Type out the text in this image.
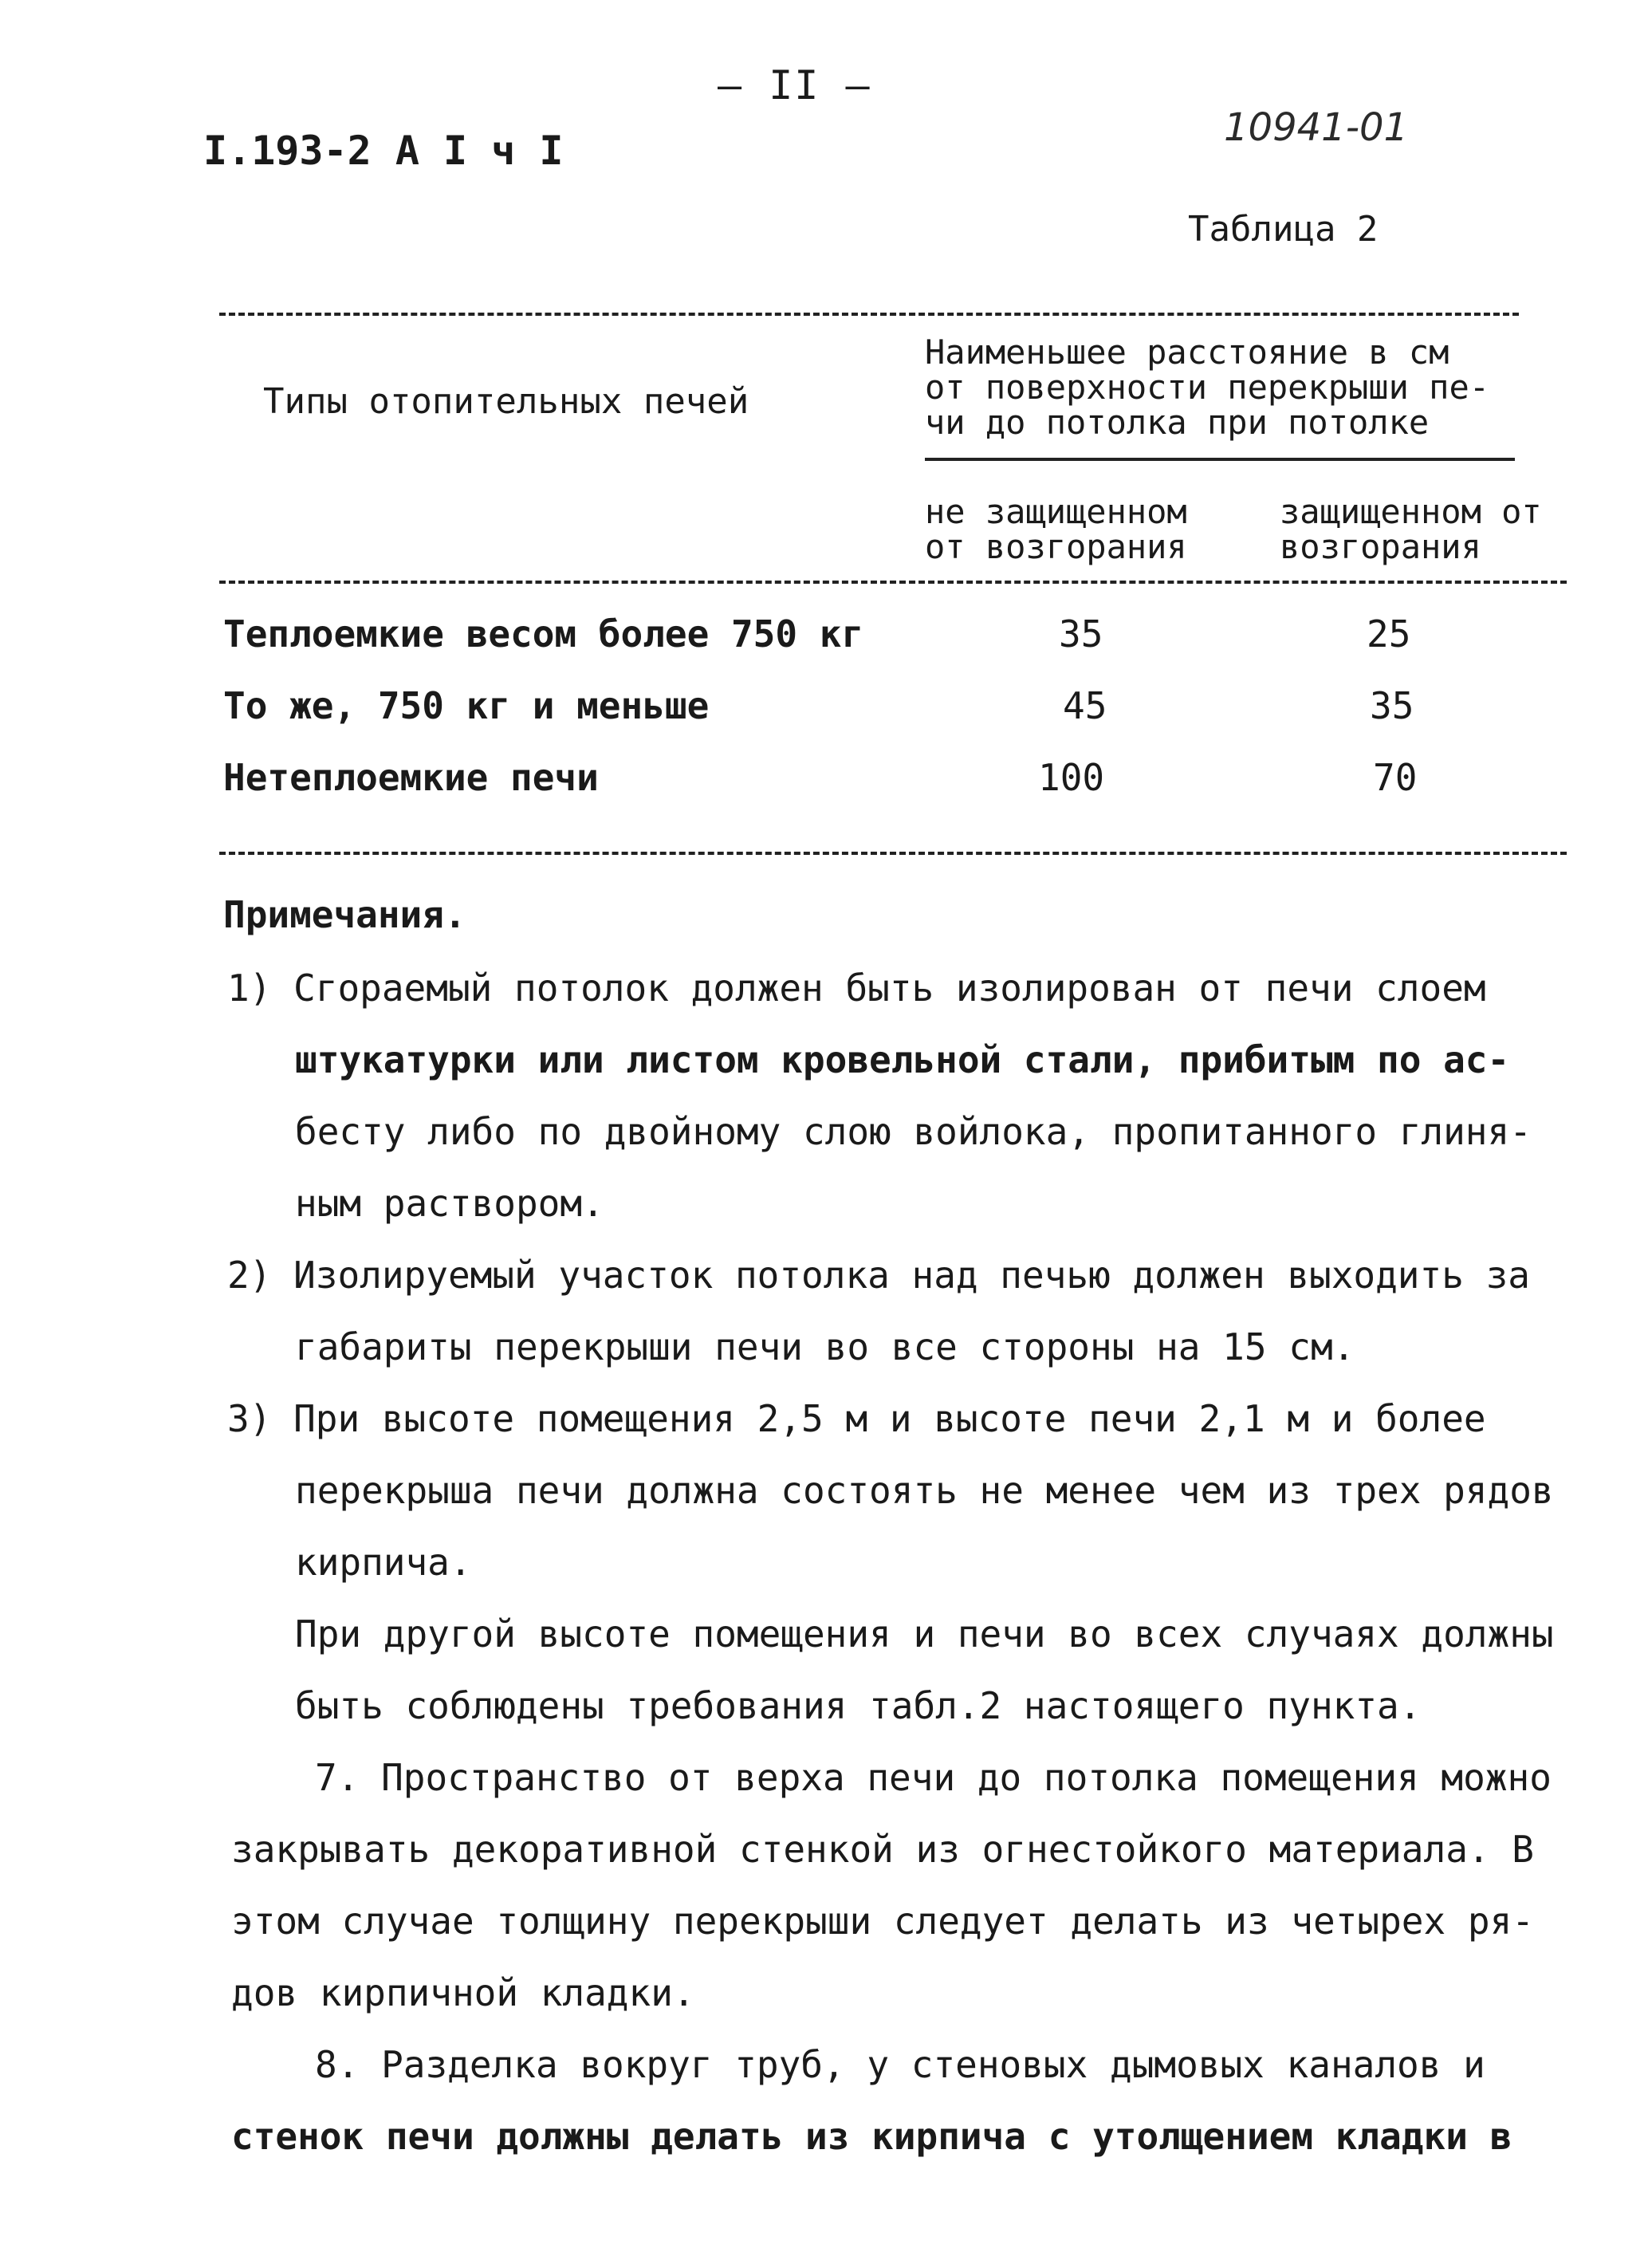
– II –
I.193-2 А I ч I	10941-01
Таблица 2
Типы отопительных печей
Наименьшее расстояние в см
от поверхности перекрыши пе-
чи до потолка при потолке
не защищенном
от возгорания
защищенном от
возгорания
Теплоемкие весом более 750 кг	35	25
То же, 750 кг и меньше	45	35
Нетеплоемкие печи	100	70
Примечания.
1) Сгораемый потолок должен быть изолирован от печи слоем
штукатурки или листом кровельной стали, прибитым по ас-
бесту либо по двойному слою войлока, пропитанного глиня-
ным раствором.
2) Изолируемый участок потолка над печью должен выходить за
габариты перекрыши печи во все стороны на 15 см.
3) При высоте помещения 2,5 м и высоте печи 2,1 м и более
перекрыша печи должна состоять не менее чем из трех рядов
кирпича.
При другой высоте помещения и печи во всех случаях должны
быть соблюдены требования табл.2 настоящего пункта.
7. Пространство от верха печи до потолка помещения можно
закрывать декоративной стенкой из огнестойкого материала. В
этом случае толщину перекрыши следует делать из четырех ря-
дов кирпичной кладки.
8. Разделка вокруг труб, у стеновых дымовых каналов и
стенок печи должны делать из кирпича с утолщением кладки в
